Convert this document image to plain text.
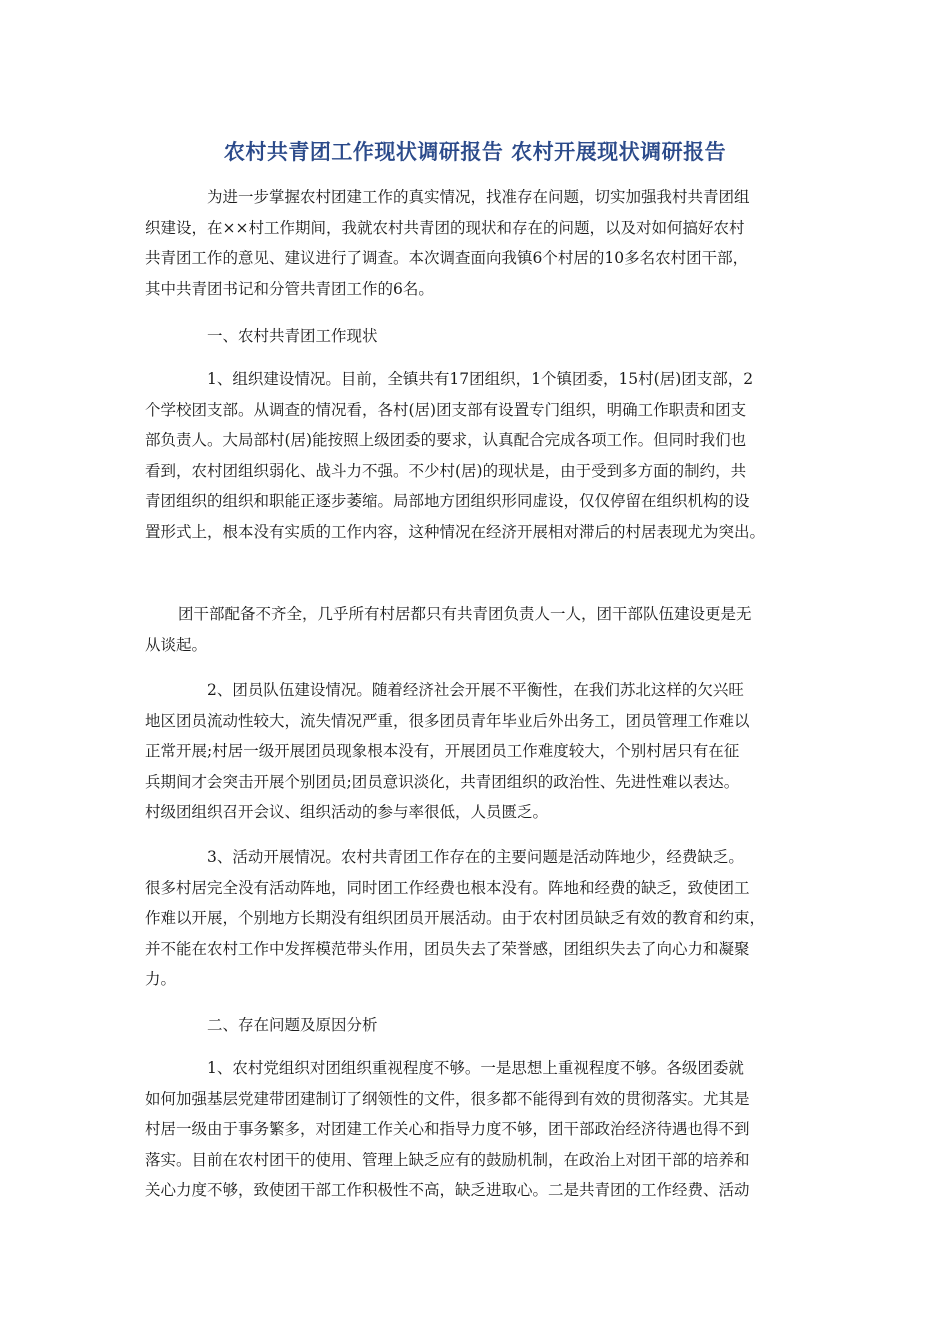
农村共青团工作现状调研报告 农村开展现状调研报告

为进一步掌握农村团建工作的真实情况，找准存在问题，切实加强我村共青团组
织建设，在××村工作期间，我就农村共青团的现状和存在的问题，以及对如何搞好农村
共青团工作的意见、建议进行了调查。本次调查面向我镇6个村居的10多名农村团干部，
其中共青团书记和分管共青团工作的6名。

一、农村共青团工作现状

1、组织建设情况。目前，全镇共有17团组织，1个镇团委，15村(居)团支部，2
个学校团支部。从调查的情况看，各村(居)团支部有设置专门组织，明确工作职责和团支
部负责人。大局部村(居)能按照上级团委的要求，认真配合完成各项工作。但同时我们也
看到，农村团组织弱化、战斗力不强。不少村(居)的现状是，由于受到多方面的制约，共
青团组织的组织和职能正逐步萎缩。局部地方团组织形同虚设，仅仅停留在组织机构的设
置形式上，根本没有实质的工作内容，这种情况在经济开展相对滞后的村居表现尤为突出。

团干部配备不齐全，几乎所有村居都只有共青团负责人一人，团干部队伍建设更是无
从谈起。

2、团员队伍建设情况。随着经济社会开展不平衡性，在我们苏北这样的欠兴旺
地区团员流动性较大，流失情况严重，很多团员青年毕业后外出务工，团员管理工作难以
正常开展;村居一级开展团员现象根本没有，开展团员工作难度较大，个别村居只有在征
兵期间才会突击开展个别团员;团员意识淡化，共青团组织的政治性、先进性难以表达。
村级团组织召开会议、组织活动的参与率很低，人员匮乏。

3、活动开展情况。农村共青团工作存在的主要问题是活动阵地少，经费缺乏。
很多村居完全没有活动阵地，同时团工作经费也根本没有。阵地和经费的缺乏，致使团工
作难以开展，个别地方长期没有组织团员开展活动。由于农村团员缺乏有效的教育和约束，
并不能在农村工作中发挥模范带头作用，团员失去了荣誉感，团组织失去了向心力和凝聚
力。

二、存在问题及原因分析

1、农村党组织对团组织重视程度不够。一是思想上重视程度不够。各级团委就
如何加强基层党建带团建制订了纲领性的文件，很多都不能得到有效的贯彻落实。尤其是
村居一级由于事务繁多，对团建工作关心和指导力度不够，团干部政治经济待遇也得不到
落实。目前在农村团干的使用、管理上缺乏应有的鼓励机制，在政治上对团干部的培养和
关心力度不够，致使团干部工作积极性不高，缺乏进取心。二是共青团的工作经费、活动
